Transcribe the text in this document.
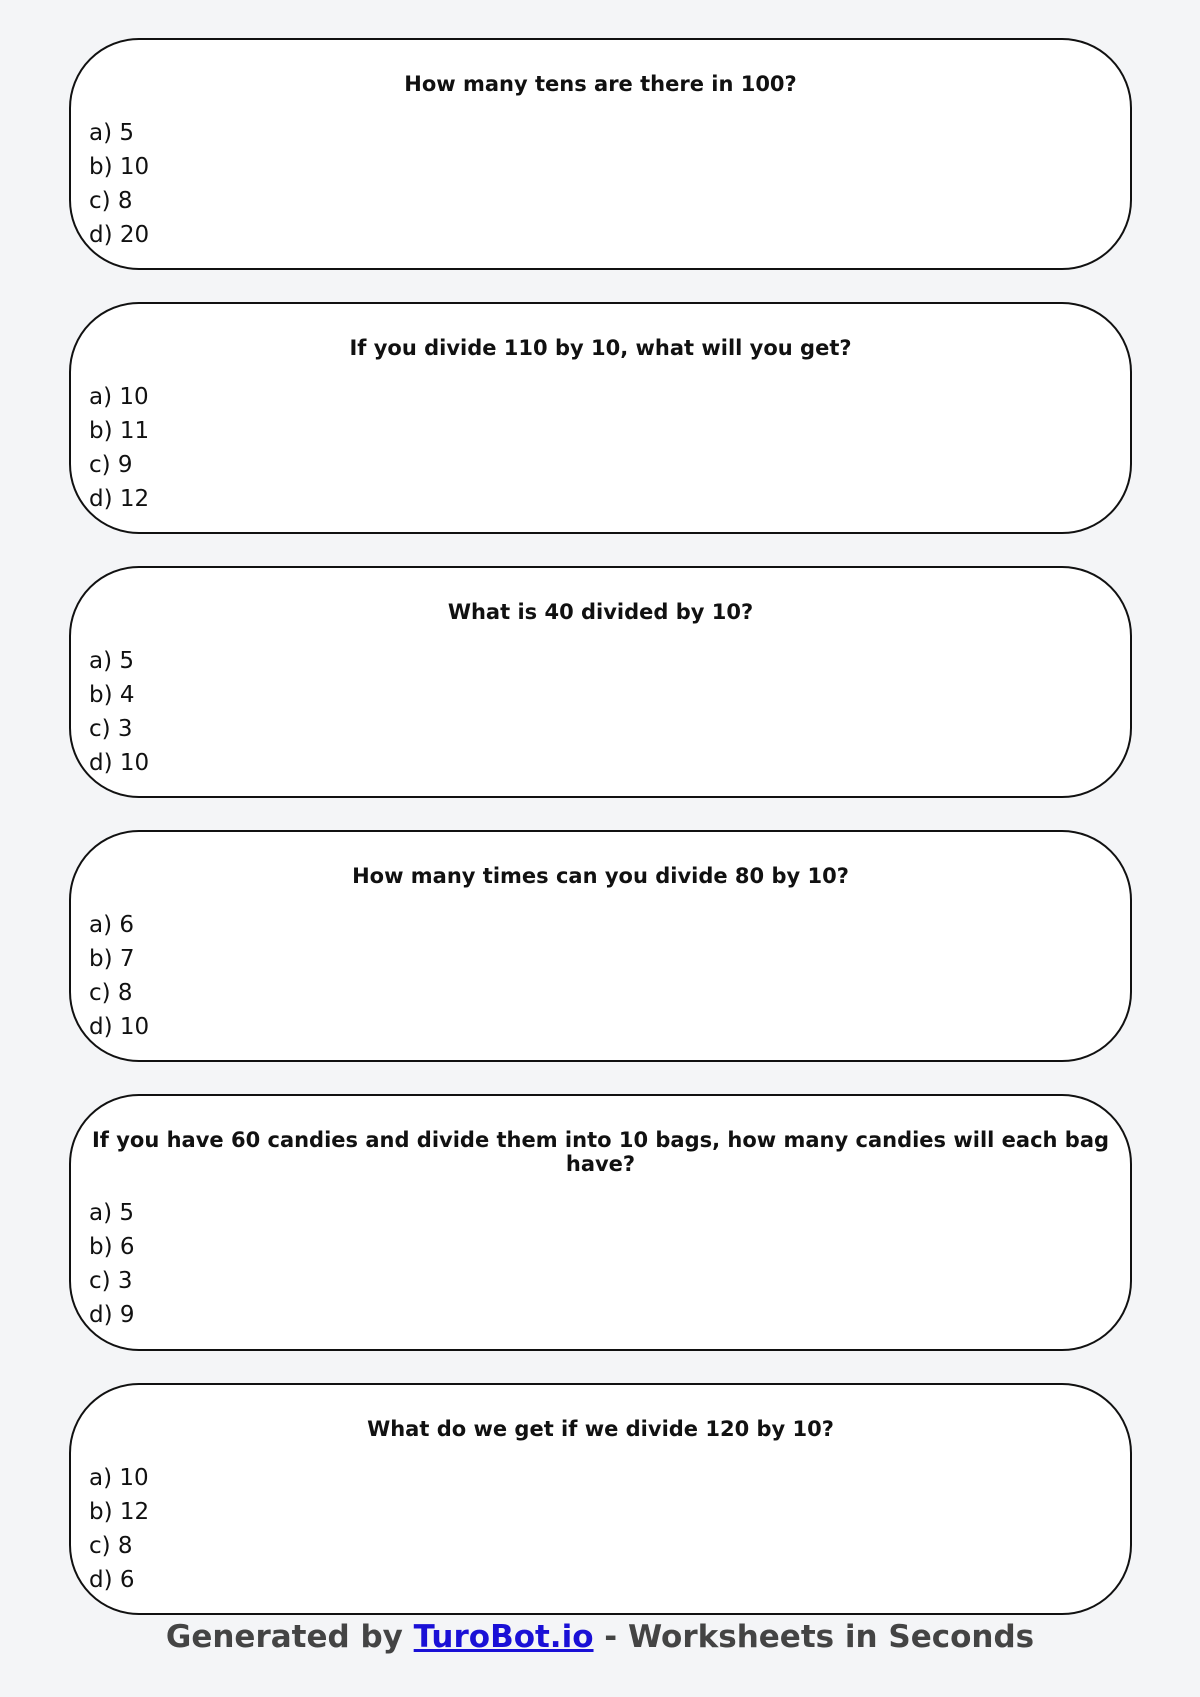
How many tens are there in 100?

a) 5
b) 10
c) 8
d) 20

If you divide 110 by 10, what will you get?

a) 10
b) 11
c) 9
d) 12

What is 40 divided by 10?

a) 5
b) 4
c) 3
d) 10

How many times can you divide 80 by 10?

a) 6
b) 7
c) 8
d) 10

If you have 60 candies and divide them into 10 bags, how many candies will each bag have?

a) 5
b) 6
c) 3
d) 9

What do we get if we divide 120 by 10?

a) 10
b) 12
c) 8
d) 6
Generated by TuroBot.io - Worksheets in Seconds
